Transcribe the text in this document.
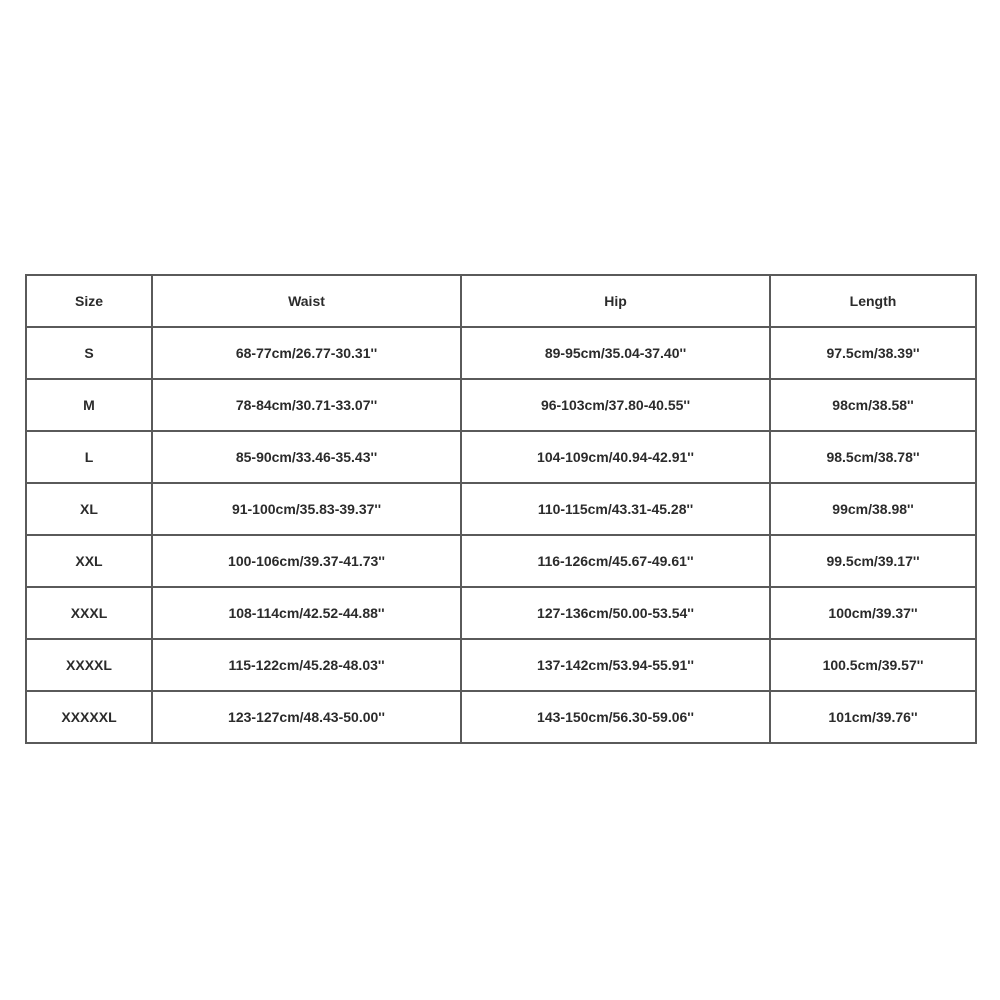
Size	Waist	Hip	Length
S	68-77cm/26.77-30.31''	89-95cm/35.04-37.40''	97.5cm/38.39''
M	78-84cm/30.71-33.07''	96-103cm/37.80-40.55''	98cm/38.58''
L	85-90cm/33.46-35.43''	104-109cm/40.94-42.91''	98.5cm/38.78''
XL	91-100cm/35.83-39.37''	110-115cm/43.31-45.28''	99cm/38.98''
XXL	100-106cm/39.37-41.73''	116-126cm/45.67-49.61''	99.5cm/39.17''
XXXL	108-114cm/42.52-44.88''	127-136cm/50.00-53.54''	100cm/39.37''
XXXXL	115-122cm/45.28-48.03''	137-142cm/53.94-55.91''	100.5cm/39.57''
XXXXXL	123-127cm/48.43-50.00''	143-150cm/56.30-59.06''	101cm/39.76''
